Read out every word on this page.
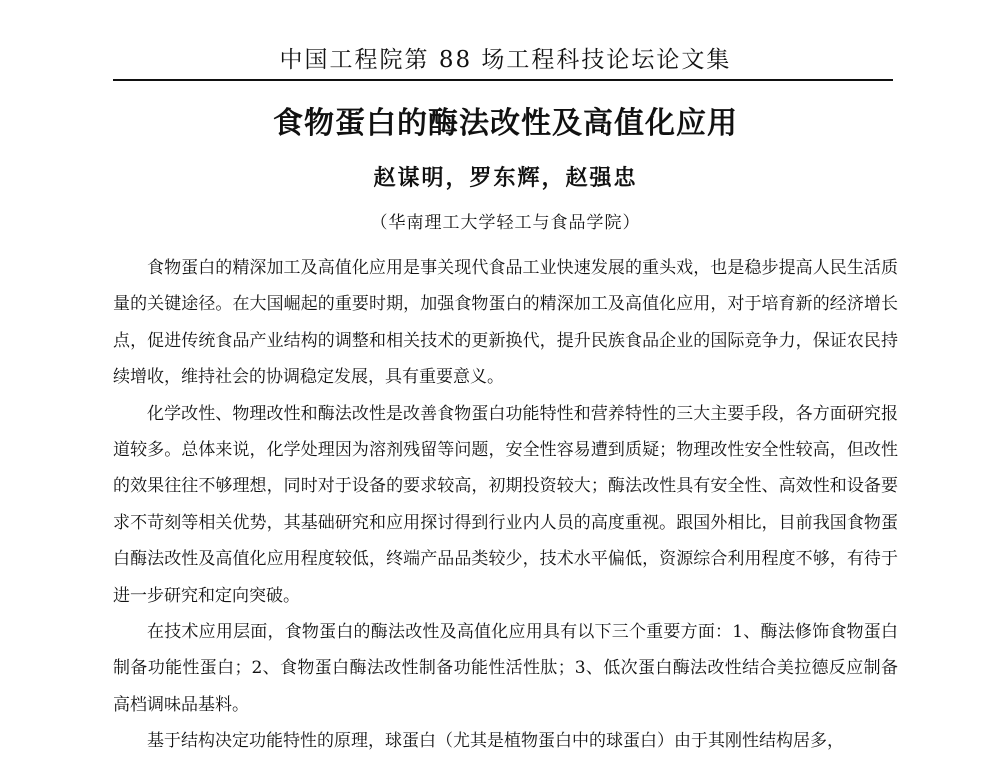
中国工程院第 88 场工程科技论坛论文集
食物蛋白的酶法改性及高值化应用
赵谋明，罗东辉，赵强忠
（华南理工大学轻工与食品学院）

食物蛋白的精深加工及高值化应用是事关现代食品工业快速发展的重头戏，也是稳步提高人民生活质量的关键途径。在大国崛起的重要时期，加强食物蛋白的精深加工及高值化应用，对于培育新的经济增长点，促进传统食品产业结构的调整和相关技术的更新换代，提升民族食品企业的国际竞争力，保证农民持续增收，维持社会的协调稳定发展，具有重要意义。

化学改性、物理改性和酶法改性是改善食物蛋白功能特性和营养特性的三大主要手段，各方面研究报道较多。总体来说，化学处理因为溶剂残留等问题，安全性容易遭到质疑；物理改性安全性较高，但改性的效果往往不够理想，同时对于设备的要求较高，初期投资较大；酶法改性具有安全性、高效性和设备要求不苛刻等相关优势，其基础研究和应用探讨得到行业内人员的高度重视。跟国外相比，目前我国食物蛋白酶法改性及高值化应用程度较低，终端产品品类较少，技术水平偏低，资源综合利用程度不够，有待于进一步研究和定向突破。

在技术应用层面，食物蛋白的酶法改性及高值化应用具有以下三个重要方面：1、酶法修饰食物蛋白制备功能性蛋白；2、食物蛋白酶法改性制备功能性活性肽；3、低次蛋白酶法改性结合美拉德反应制备高档调味品基料。

基于结构决定功能特性的原理，球蛋白（尤其是植物蛋白中的球蛋白）由于其刚性结构居多，
